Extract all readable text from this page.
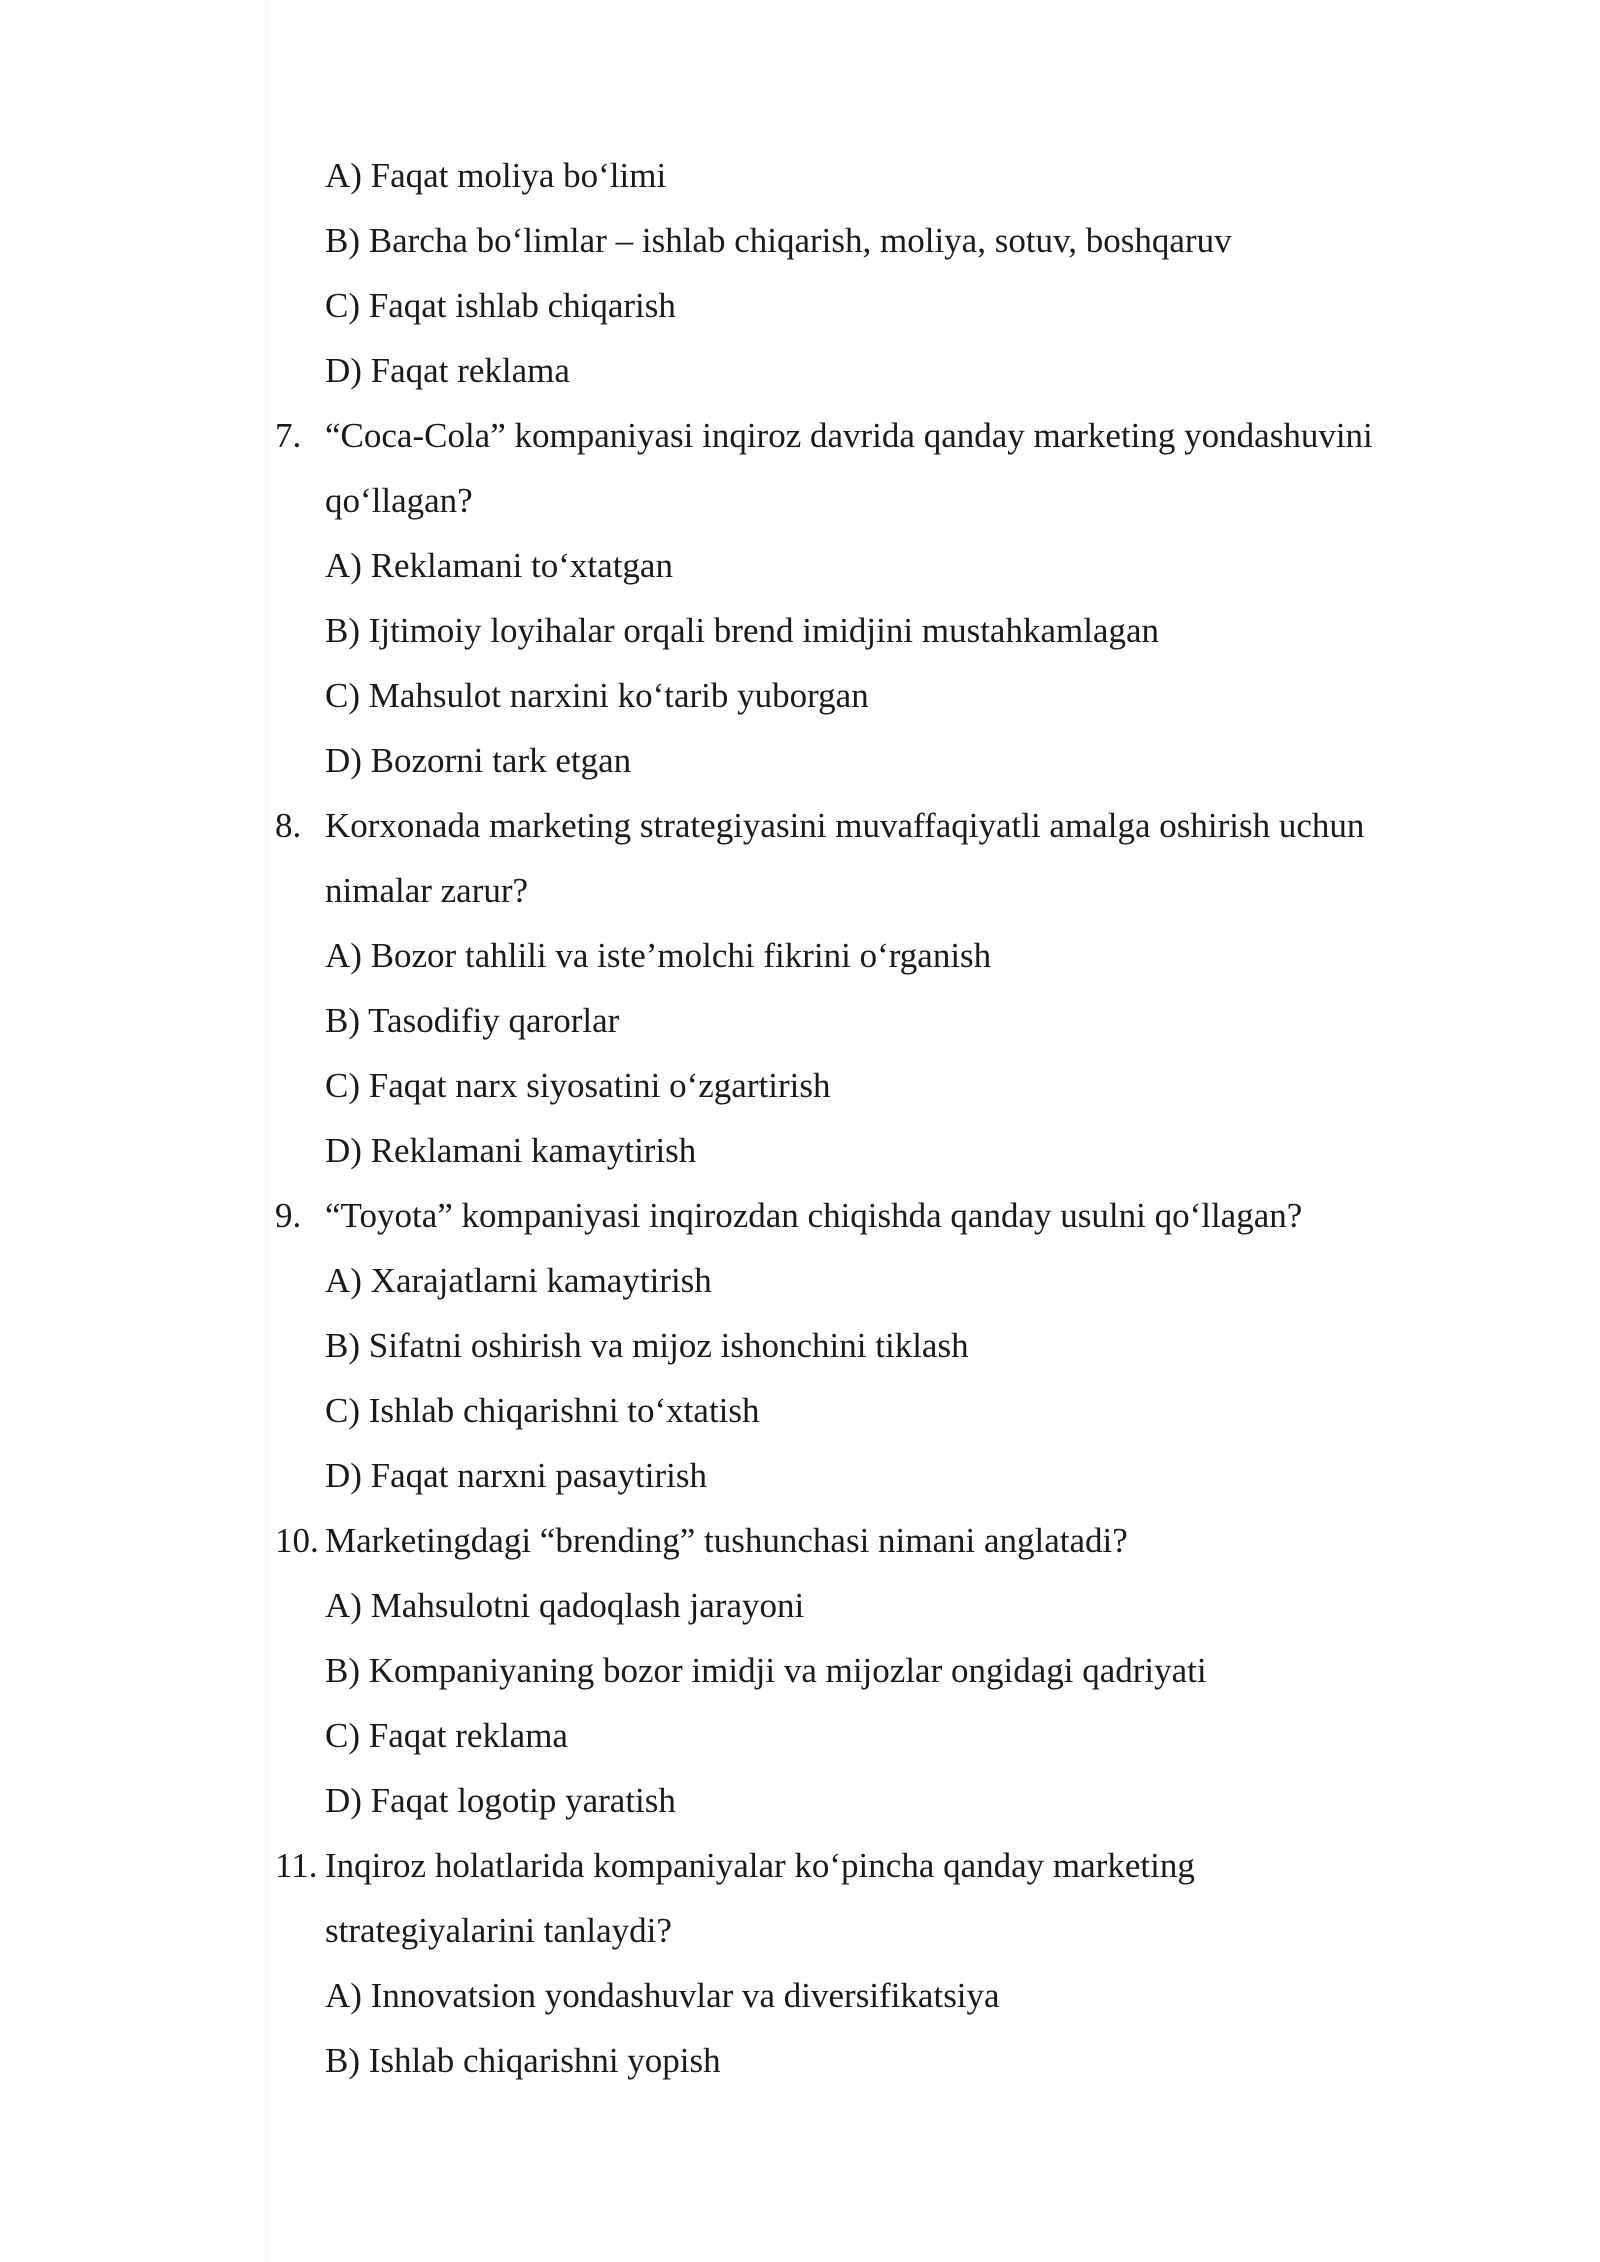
A) Faqat moliya bo‘limi
B) Barcha bo‘limlar – ishlab chiqarish, moliya, sotuv, boshqaruv
C) Faqat ishlab chiqarish
D) Faqat reklama
7. “Coca-Cola” kompaniyasi inqiroz davrida qanday marketing yondashuvini
qo‘llagan?
A) Reklamani to‘xtatgan
B) Ijtimoiy loyihalar orqali brend imidjini mustahkamlagan
C) Mahsulot narxini ko‘tarib yuborgan
D) Bozorni tark etgan
8. Korxonada marketing strategiyasini muvaffaqiyatli amalga oshirish uchun
nimalar zarur?
A) Bozor tahlili va iste’molchi fikrini o‘rganish
B) Tasodifiy qarorlar
C) Faqat narx siyosatini o‘zgartirish
D) Reklamani kamaytirish
9. “Toyota” kompaniyasi inqirozdan chiqishda qanday usulni qo‘llagan?
A) Xarajatlarni kamaytirish
B) Sifatni oshirish va mijoz ishonchini tiklash
C) Ishlab chiqarishni to‘xtatish
D) Faqat narxni pasaytirish
10. Marketingdagi “brending” tushunchasi nimani anglatadi?
A) Mahsulotni qadoqlash jarayoni
B) Kompaniyaning bozor imidji va mijozlar ongidagi qadriyati
C) Faqat reklama
D) Faqat logotip yaratish
11. Inqiroz holatlarida kompaniyalar ko‘pincha qanday marketing
strategiyalarini tanlaydi?
A) Innovatsion yondashuvlar va diversifikatsiya
B) Ishlab chiqarishni yopish
